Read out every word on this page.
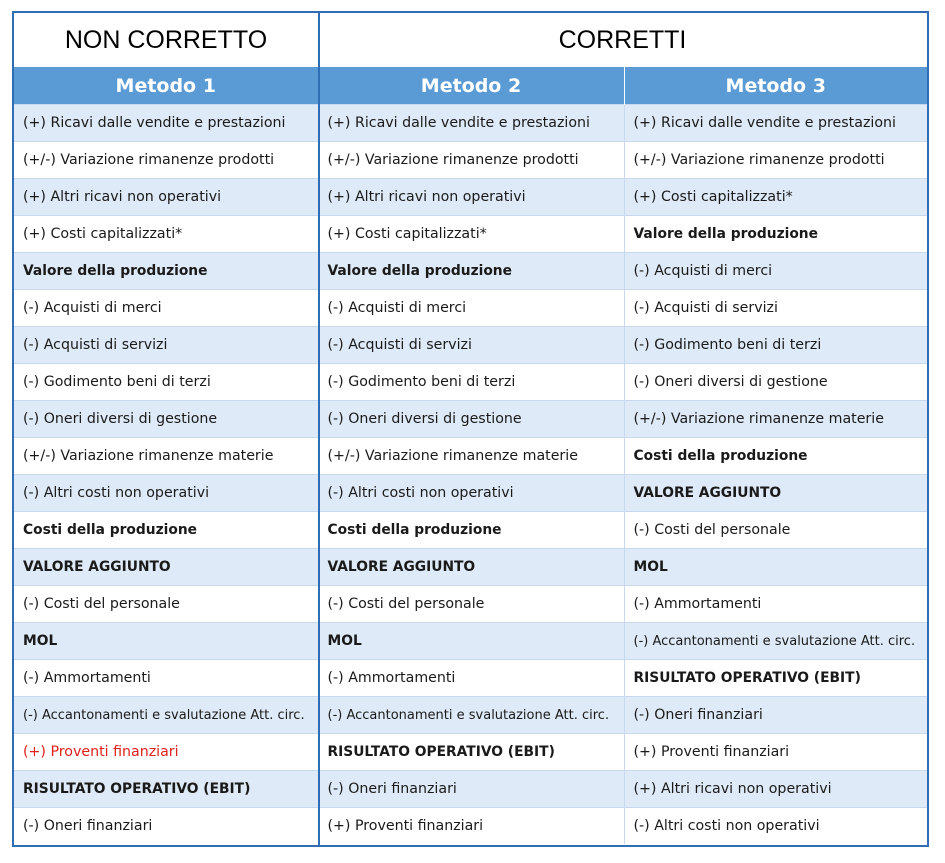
NON CORRETTO	CORRETTI	
Metodo 1	Metodo 2	Metodo 3
(+) Ricavi dalle vendite e prestazioni	(+) Ricavi dalle vendite e prestazioni	(+) Ricavi dalle vendite e prestazioni
(+/-) Variazione rimanenze prodotti	(+/-) Variazione rimanenze prodotti	(+/-) Variazione rimanenze prodotti
(+) Altri ricavi non operativi	(+) Altri ricavi non operativi	(+) Costi capitalizzati*
(+) Costi capitalizzati*	(+) Costi capitalizzati*	Valore della produzione
Valore della produzione	Valore della produzione	(-) Acquisti di merci
(-) Acquisti di merci	(-) Acquisti di merci	(-) Acquisti di servizi
(-) Acquisti di servizi	(-) Acquisti di servizi	(-) Godimento beni di terzi
(-) Godimento beni di terzi	(-) Godimento beni di terzi	(-) Oneri diversi di gestione
(-) Oneri diversi di gestione	(-) Oneri diversi di gestione	(+/-) Variazione rimanenze materie
(+/-) Variazione rimanenze materie	(+/-) Variazione rimanenze materie	Costi della produzione
(-) Altri costi non operativi	(-) Altri costi non operativi	VALORE AGGIUNTO
Costi della produzione	Costi della produzione	(-) Costi del personale
VALORE AGGIUNTO	VALORE AGGIUNTO	MOL
(-) Costi del personale	(-) Costi del personale	(-) Ammortamenti
MOL	MOL	(-) Accantonamenti e svalutazione Att. circ.
(-) Ammortamenti	(-) Ammortamenti	RISULTATO OPERATIVO (EBIT)
(-) Accantonamenti e svalutazione Att. circ.	(-) Accantonamenti e svalutazione Att. circ.	(-) Oneri finanziari
(+) Proventi finanziari	RISULTATO OPERATIVO (EBIT)	(+) Proventi finanziari
RISULTATO OPERATIVO (EBIT)	(-) Oneri finanziari	(+) Altri ricavi non operativi
(-) Oneri finanziari	(+) Proventi finanziari	(-) Altri costi non operativi
